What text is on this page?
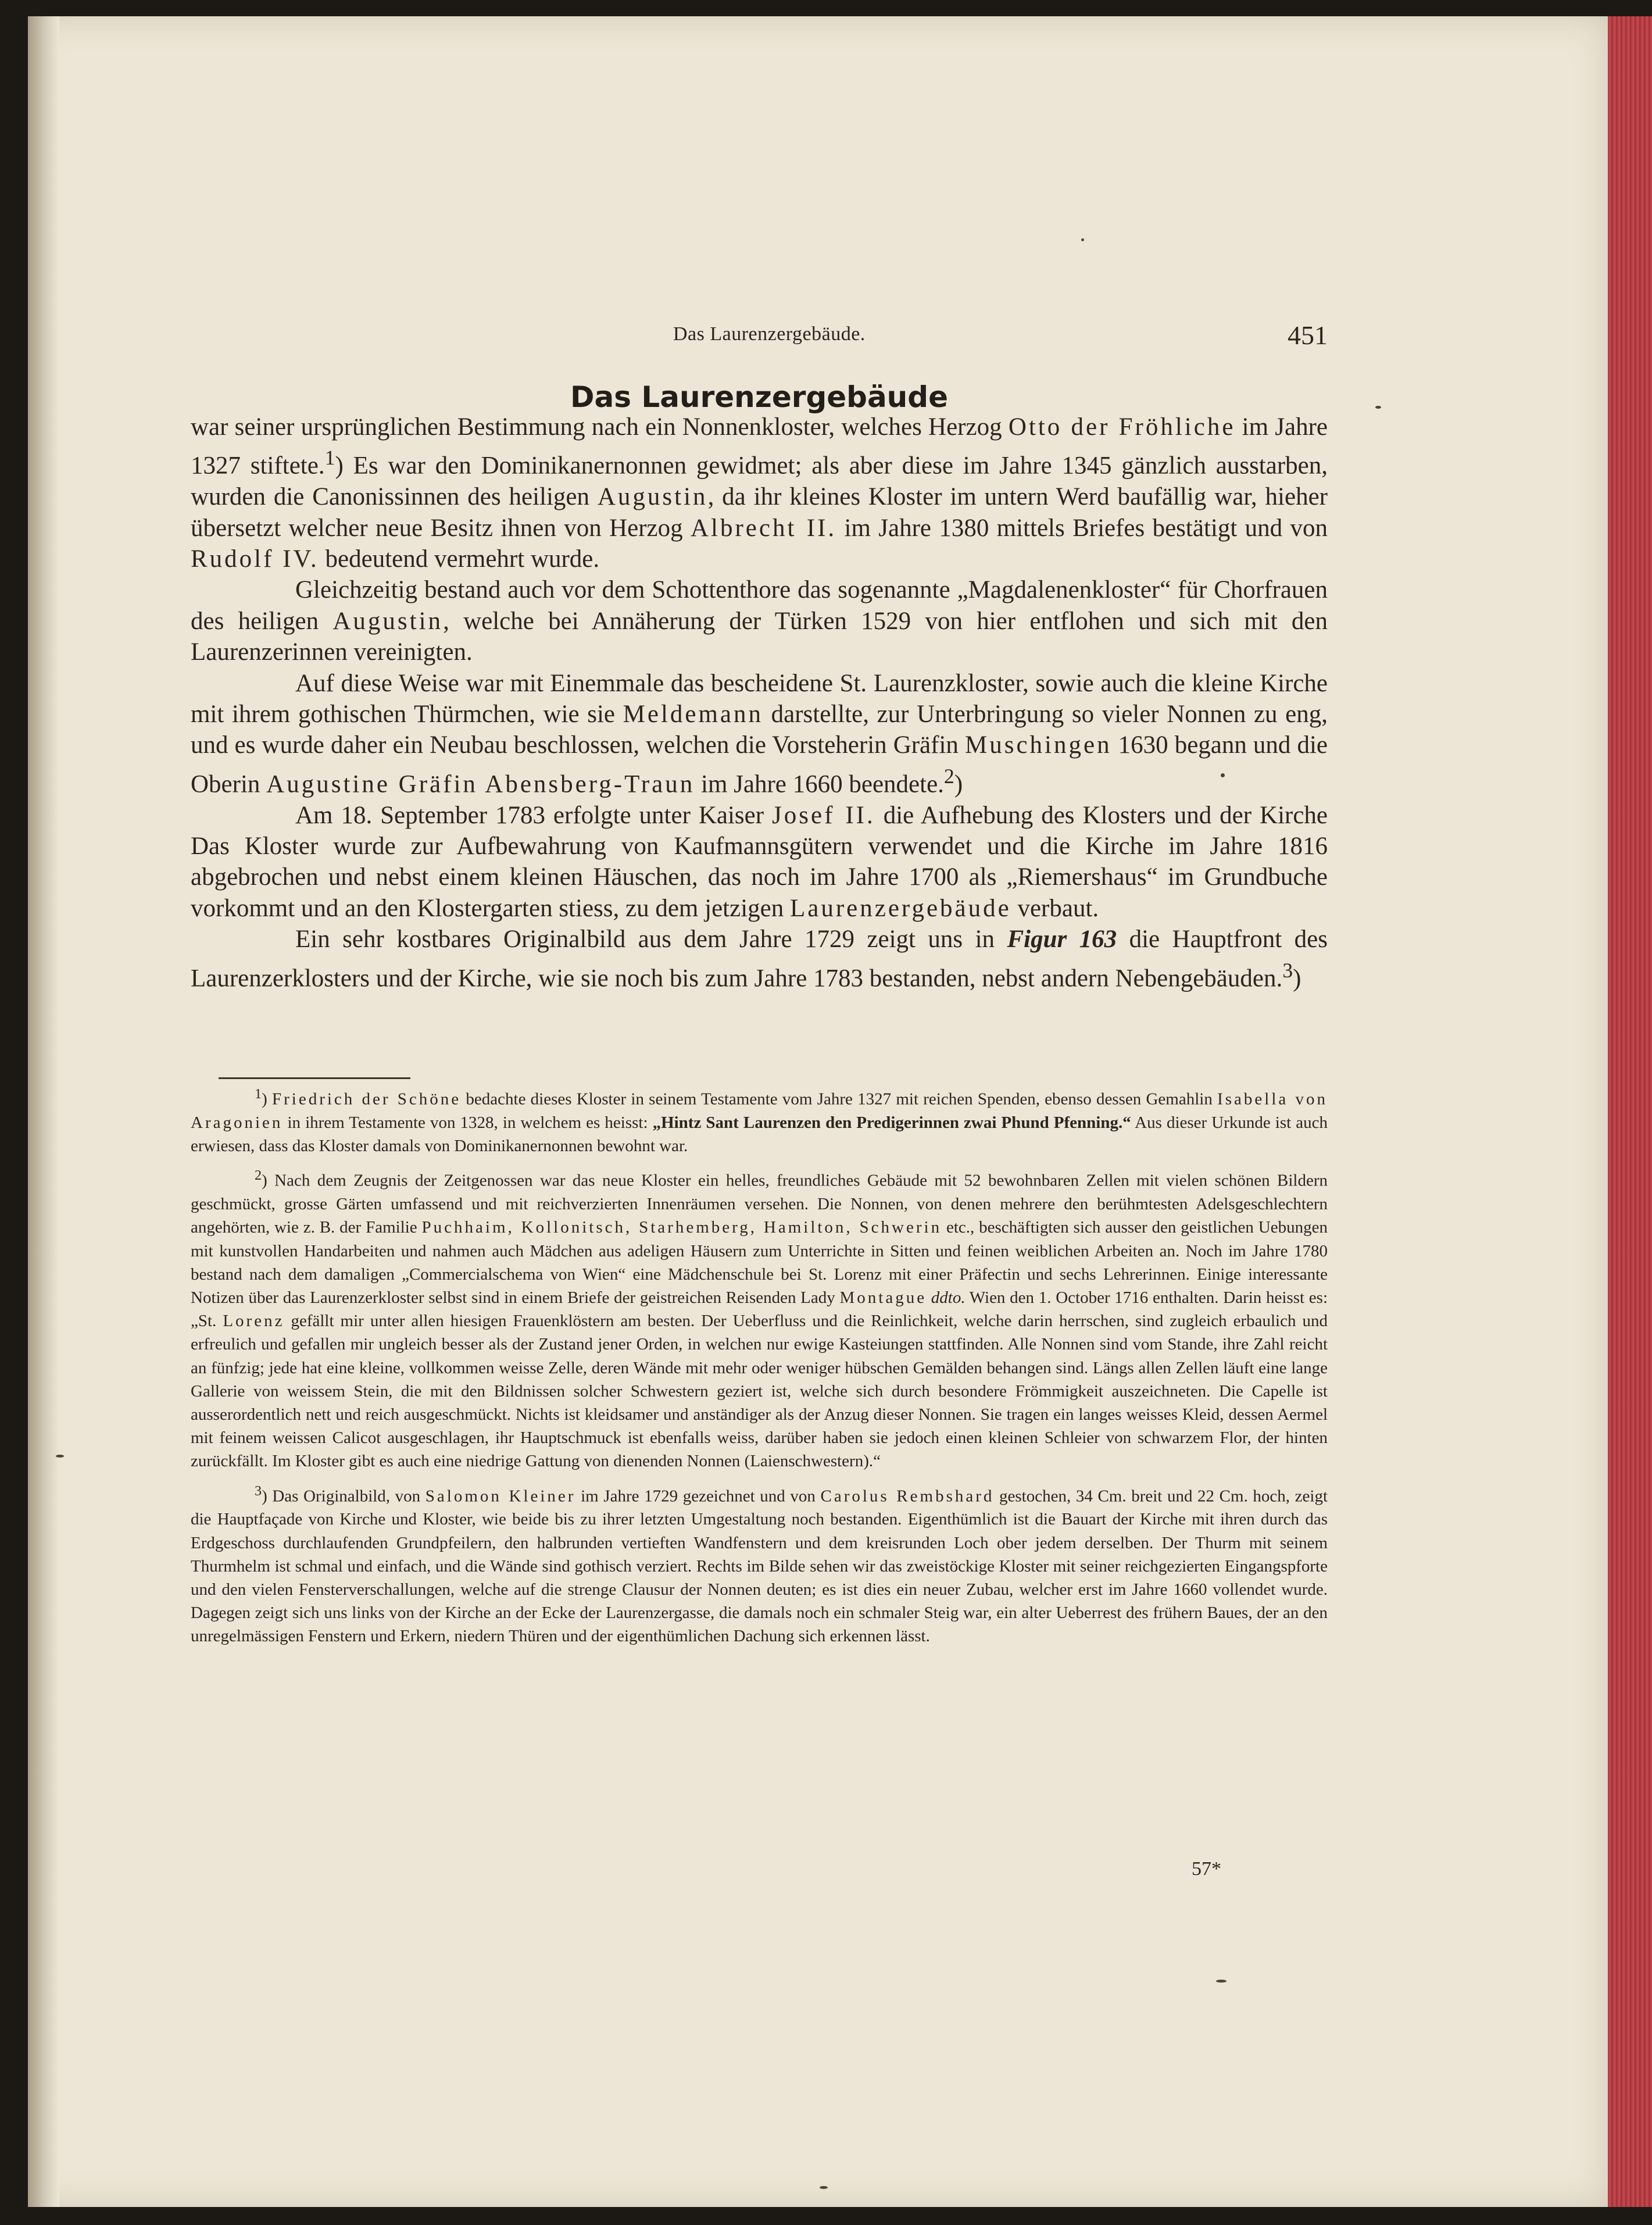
Das Laurenzergebäude.	451
Das Laurenzergebäude

war seiner ursprünglichen Bestimmung nach ein Nonnenkloster, welches Herzog Otto der Fröhliche im Jahre 1327 stiftete.$^1$) Es war den Dominikanernonnen gewidmet; als aber diese im Jahre 1345 gänzlich ausstarben, wurden die Canonissinnen des heiligen Augustin, da ihr kleines Kloster im untern Werd baufällig war, hieher übersetzt welcher neue Besitz ihnen von Herzog Albrecht II. im Jahre 1380 mittels Briefes bestätigt und von Rudolf IV. bedeutend vermehrt wurde.

Gleichzeitig bestand auch vor dem Schottenthore das sogenannte „Magdalenenkloster“ für Chorfrauen des heiligen Augustin, welche bei Annäherung der Türken 1529 von hier entflohen und sich mit den Laurenzerinnen vereinigten.

Auf diese Weise war mit Einemmale das bescheidene St. Laurenzkloster, sowie auch die kleine Kirche mit ihrem gothischen Thürmchen, wie sie Meldemann darstellte, zur Unterbringung so vieler Nonnen zu eng, und es wurde daher ein Neubau beschlossen, welchen die Vorsteherin Gräfin Muschingen 1630 begann und die Oberin Augustine Gräfin Abensberg-Traun im Jahre 1660 beendete.$^2$)

Am 18. September 1783 erfolgte unter Kaiser Josef II. die Aufhebung des Klosters und der Kirche Das Kloster wurde zur Aufbewahrung von Kaufmannsgütern verwendet und die Kirche im Jahre 1816 abgebrochen und nebst einem kleinen Häuschen, das noch im Jahre 1700 als „Riemershaus“ im Grundbuche vorkommt und an den Klostergarten stiess, zu dem jetzigen Laurenzergebäude verbaut.

Ein sehr kostbares Originalbild aus dem Jahre 1729 zeigt uns in Figur 163 die Hauptfront des Laurenzerklosters und der Kirche, wie sie noch bis zum Jahre 1783 bestanden, nebst andern Nebengebäuden.$^3$)

$^1$) Friedrich der Schöne bedachte dieses Kloster in seinem Testamente vom Jahre 1327 mit reichen Spenden, ebenso dessen Gemahlin Isabella von Aragonien in ihrem Testamente von 1328, in welchem es heisst: „Hintz Sant Laurenzen den Predigerinnen zwai Phund Pfenning.“ Aus dieser Urkunde ist auch erwiesen, dass das Kloster damals von Dominikanernonnen bewohnt war.

$^2$) Nach dem Zeugnis der Zeitgenossen war das neue Kloster ein helles, freundliches Gebäude mit 52 bewohnbaren Zellen mit vielen schönen Bildern geschmückt, grosse Gärten umfassend und mit reichverzierten Innenräumen versehen. Die Nonnen, von denen mehrere den berühmtesten Adelsgeschlechtern angehörten, wie z. B. der Familie Puchhaim, Kollonitsch, Starhemberg, Hamilton, Schwerin etc., beschäftigten sich ausser den geistlichen Uebungen mit kunstvollen Handarbeiten und nahmen auch Mädchen aus adeligen Häusern zum Unterrichte in Sitten und feinen weiblichen Arbeiten an. Noch im Jahre 1780 bestand nach dem damaligen „Commercialschema von Wien“ eine Mädchenschule bei St. Lorenz mit einer Präfectin und sechs Lehrerinnen. Einige interessante Notizen über das Laurenzerkloster selbst sind in einem Briefe der geistreichen Reisenden Lady Montague ddto. Wien den 1. October 1716 enthalten. Darin heisst es: „St. Lorenz gefällt mir unter allen hiesigen Frauenklöstern am besten. Der Ueberfluss und die Reinlichkeit, welche darin herrschen, sind zugleich erbaulich und erfreulich und gefallen mir ungleich besser als der Zustand jener Orden, in welchen nur ewige Kasteiungen stattfinden. Alle Nonnen sind vom Stande, ihre Zahl reicht an fünfzig; jede hat eine kleine, vollkommen weisse Zelle, deren Wände mit mehr oder weniger hübschen Gemälden behangen sind. Längs allen Zellen läuft eine lange Gallerie von weissem Stein, die mit den Bildnissen solcher Schwestern geziert ist, welche sich durch besondere Frömmigkeit auszeichneten. Die Capelle ist ausserordentlich nett und reich ausgeschmückt. Nichts ist kleidsamer und anständiger als der Anzug dieser Nonnen. Sie tragen ein langes weisses Kleid, dessen Aermel mit feinem weissen Calicot ausgeschlagen, ihr Hauptschmuck ist ebenfalls weiss, darüber haben sie jedoch einen kleinen Schleier von schwarzem Flor, der hinten zurückfällt. Im Kloster gibt es auch eine niedrige Gattung von dienenden Nonnen (Laienschwestern).“

$^3$) Das Originalbild, von Salomon Kleiner im Jahre 1729 gezeichnet und von Carolus Rembshard gestochen, 34 Cm. breit und 22 Cm. hoch, zeigt die Hauptfaçade von Kirche und Kloster, wie beide bis zu ihrer letzten Umgestaltung noch bestanden. Eigenthümlich ist die Bauart der Kirche mit ihren durch das Erdgeschoss durchlaufenden Grundpfeilern, den halbrunden vertieften Wandfenstern und dem kreisrunden Loch ober jedem derselben. Der Thurm mit seinem Thurmhelm ist schmal und einfach, und die Wände sind gothisch verziert. Rechts im Bilde sehen wir das zweistöckige Kloster mit seiner reichgezierten Eingangspforte und den vielen Fensterverschallungen, welche auf die strenge Clausur der Nonnen deuten; es ist dies ein neuer Zubau, welcher erst im Jahre 1660 vollendet wurde. Dagegen zeigt sich uns links von der Kirche an der Ecke der Laurenzergasse, die damals noch ein schmaler Steig war, ein alter Ueberrest des frühern Baues, der an den unregelmässigen Fenstern und Erkern, niedern Thüren und der eigenthümlichen Dachung sich erkennen lässt.

57*
